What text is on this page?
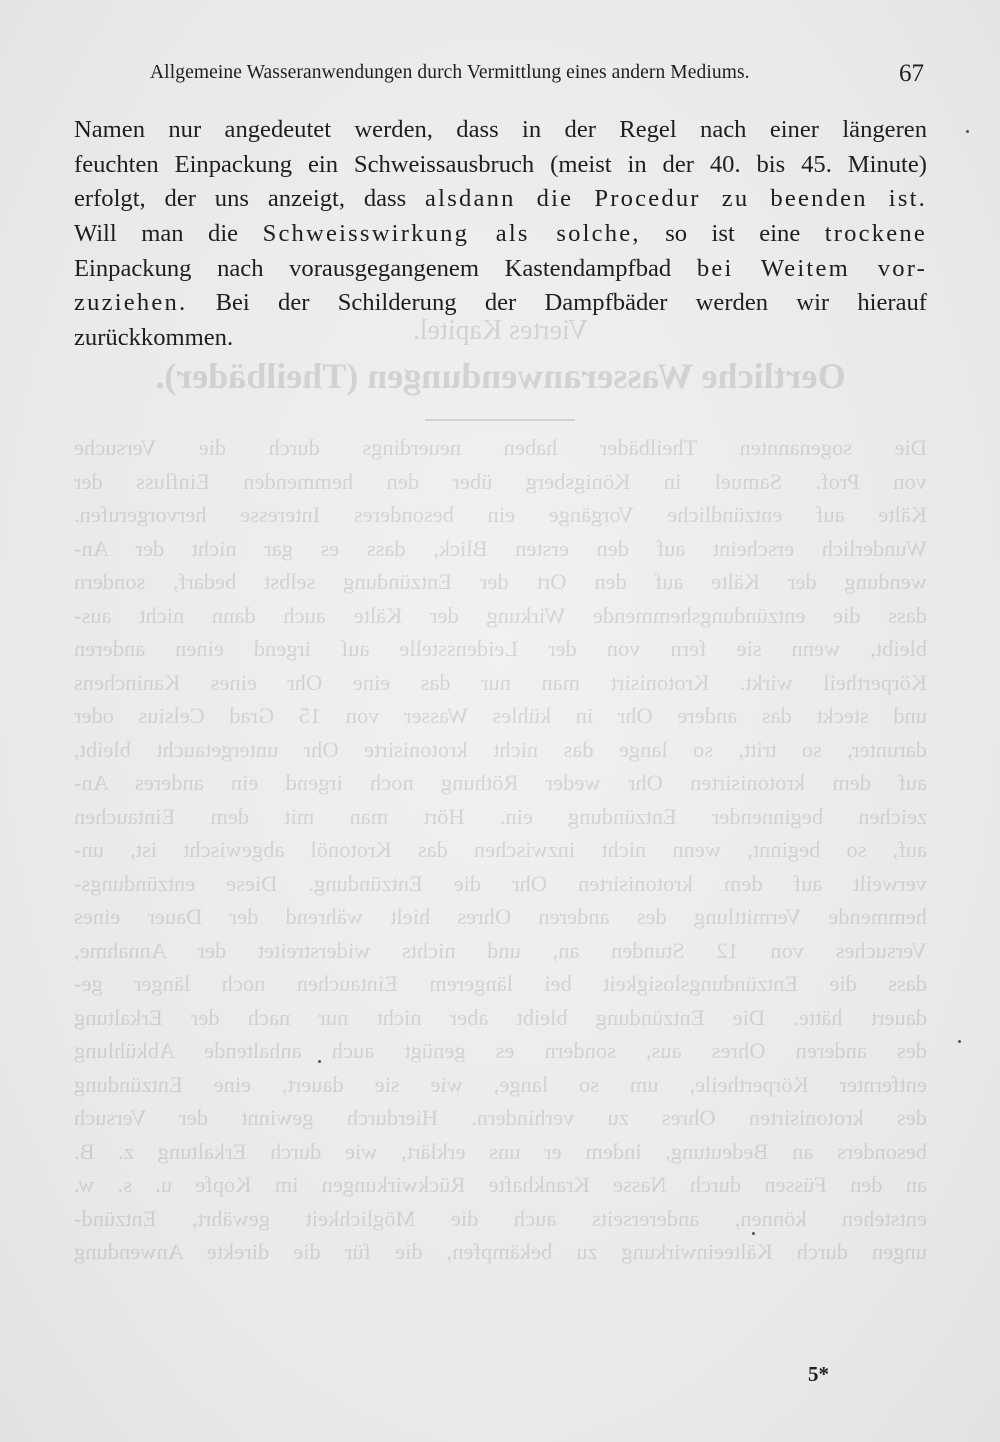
Allgemeine Wasseranwendungen durch Vermittlung eines andern Mediums.	67
Viertes Kapitel.
Oertliche Wasseranwendungen (Theilbäder).
Die sogenannten Theilbäder haben neuerdings durch die Versuche
von Prof. Samuel in Königsberg über den hemmenden Einfluss der
Kälte auf entzündliche Vorgänge ein besonderes Interesse hervorgerufen.
Wunderlich erscheint auf den ersten Blick, dass es gar nicht der An-
wendung der Kälte auf den Ort der Entzündung selbst bedarf, sondern
dass die entzündungshemmende Wirkung der Kälte auch dann nicht aus-
bleibt, wenn sie fern von der Leidensstelle auf irgend einen anderen
Körpertheil wirkt. Krotonisirt man nur das eine Ohr eines Kaninchens
und steckt das andere Ohr in kühles Wasser von 15 Grad Celsius oder
darunter, so tritt, so lange das nicht krotonisirte Ohr untergetaucht bleibt,
auf dem krotonisirten Ohr weder Röthung noch irgend ein anderes An-
zeichen beginnender Entzündung ein. Hört man mit dem Eintauchen
auf, so beginnt, wenn nicht inzwischen das Krotonöl abgewischt ist, un-
verweilt auf dem krotonisirten Ohr die Entzündung. Diese entzündungs-
hemmende Vermittlung des anderen Ohres hielt während der Dauer eines
Versuches von 12 Stunden an, und nichts widerstreitet der Annahme,
dass die Entzündungslosigkeit bei längerem Eintauchen noch länger ge-
dauert hätte. Die Entzündung bleibt aber nicht nur nach der Erkaltung
des anderen Ohres aus, sondern es genügt auch anhaltende Abkühlung
entfernter Körpertheile, um so lange, wie sie dauert, eine Entzündung
des krotonisirten Ohres zu verhindern. Hierdurch gewinnt der Versuch
besonders an Bedeutung, indem er uns erklärt, wie durch Erkaltung z. B.
an den Füssen durch Nasse Krankhafte Rückwirkungen im Kopfe u. s. w.
entstehen können, andererseits auch die Möglichkeit gewährt, Entzünd-
ungen durch Kälteeinwirkung zu bekämpfen, die für die direkte Anwendung
Namen nur angedeutet werden, dass in der Regel nach einer längeren
feuchten Einpackung ein Schweissausbruch (meist in der 40. bis 45. Minute)
erfolgt, der uns anzeigt, dass alsdann die Procedur zu beenden ist.
Will man die Schweisswirkung als solche, so ist eine trockene
Einpackung nach vorausgegangenem Kastendampfbad bei Weitem vor-
zuziehen. Bei der Schilderung der Dampfbäder werden wir hierauf
zurückkommen.
5*
